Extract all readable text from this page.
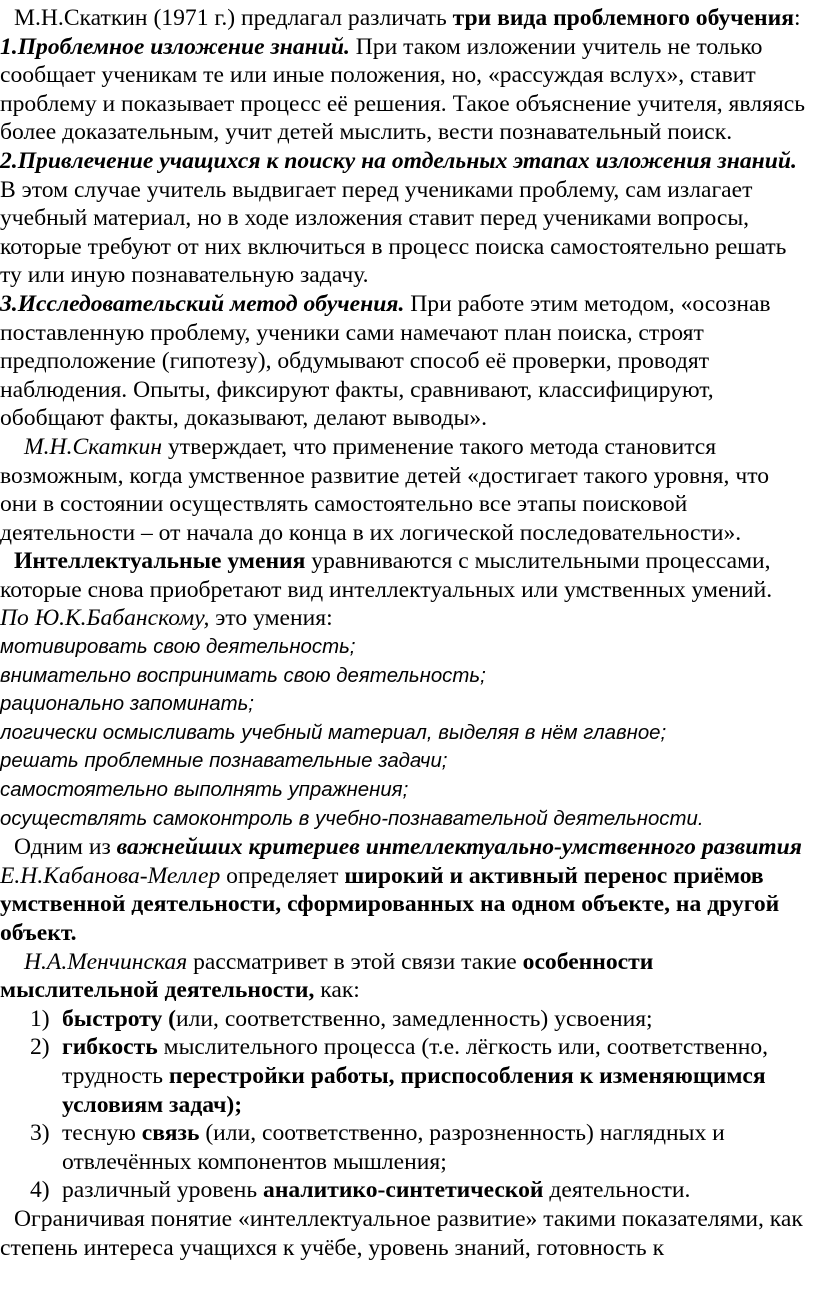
М.Н.Скаткин (1971 г.) предлагал различать три вида проблемного обучения:

1.Проблемное изложение знаний. При таком изложении учитель не только сообщает ученикам те или иные положения, но, «рассуждая вслух», ставит проблему и показывает процесс её решения. Такое объяснение учителя, являясь более доказательным, учит детей мыслить, вести познавательный поиск.

2.Привлечение учащихся к поиску на отдельных этапах изложения знаний. В этом случае учитель выдвигает перед учениками проблему, сам излагает учебный материал, но в ходе изложения ставит перед учениками вопросы, которые требуют от них включиться в процесс поиска самостоятельно решать ту или иную познавательную задачу.

3.Исследовательский метод обучения. При работе этим методом, «осознав поставленную проблему, ученики сами намечают план поиска, строят предположение (гипотезу), обдумывают способ её проверки, проводят наблюдения. Опыты, фиксируют факты, сравнивают, классифицируют, обобщают факты, доказывают, делают выводы».

М.Н.Скаткин утверждает, что применение такого метода становится возможным, когда умственное развитие детей «достигает такого уровня, что они в состоянии осуществлять самостоятельно все этапы поисковой деятельности – от начала до конца в их логической последовательности».

Интеллектуальные умения уравниваются с мыслительными процессами, которые снова приобретают вид интеллектуальных или умственных умений.

По Ю.К.Бабанскому, это умения:

мотивировать свою деятельность;

внимательно воспринимать свою деятельность;

рационально запоминать;

логически осмысливать учебный материал, выделяя в нём главное;

решать проблемные познавательные задачи;

самостоятельно выполнять упражнения;

осуществлять самоконтроль в учебно-познавательной деятельности.

Одним из важнейших критериев интеллектуально-умственного развития Е.Н.Кабанова-Меллер определяет широкий и активный перенос приёмов умственной деятельности, сформированных на одном объекте, на другой объект.

Н.А.Менчинская рассматривет в этой связи такие особенности мыслительной деятельности, как:

1) быстроту (или, соответственно, замедленность) усвоения;
2) гибкость мыслительного процесса (т.е. лёгкость или, соответственно, трудность перестройки работы, приспособления к изменяющимся условиям задач);
3) тесную связь (или, соответственно, разрозненность) наглядных и отвлечённых компонентов мышления;
4) различный уровень аналитико-синтетической деятельности.

Ограничивая понятие «интеллектуальное развитие» такими показателями, как степень интереса учащихся к учёбе, уровень знаний, готовность к
